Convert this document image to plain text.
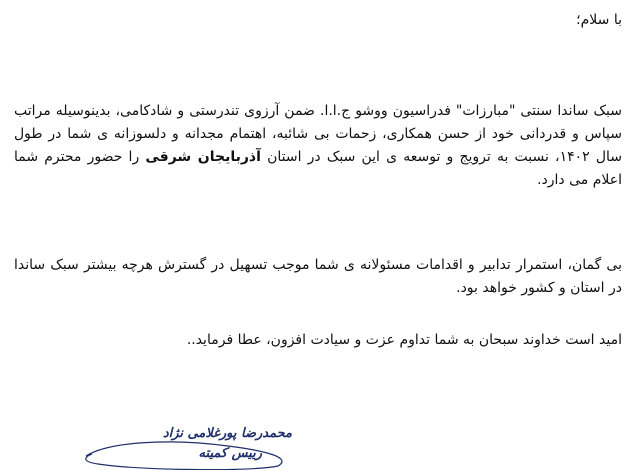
با سلام؛

سبک ساندا سنتی "مبارزات" فدراسیون ووشو ج.ا.ا. ضمن آرزوی تندرستی و شادکامی، بدینوسیله مراتب سپاس و قدردانی خود از حسن همکاری، زحمات بی شائبه، اهتمام مجدانه و دلسوزانه ی شما در طول سال ۱۴۰۲، نسبت به ترویج و توسعه ی این سبک در استان آذربایجان شرقی را حضور محترم شما اعلام می دارد.

بی گمان، استمرار تدابیر و اقدامات مسئولانه ی شما موجب تسهیل در گسترش هرچه بیشتر سبک ساندا در استان و کشور خواهد بود.

امید است خداوند سبحان به شما تداوم عزت و سیادت افزون، عطا فرماید..

محمدرضا پورغلامی نژاد
رییس کمیته
